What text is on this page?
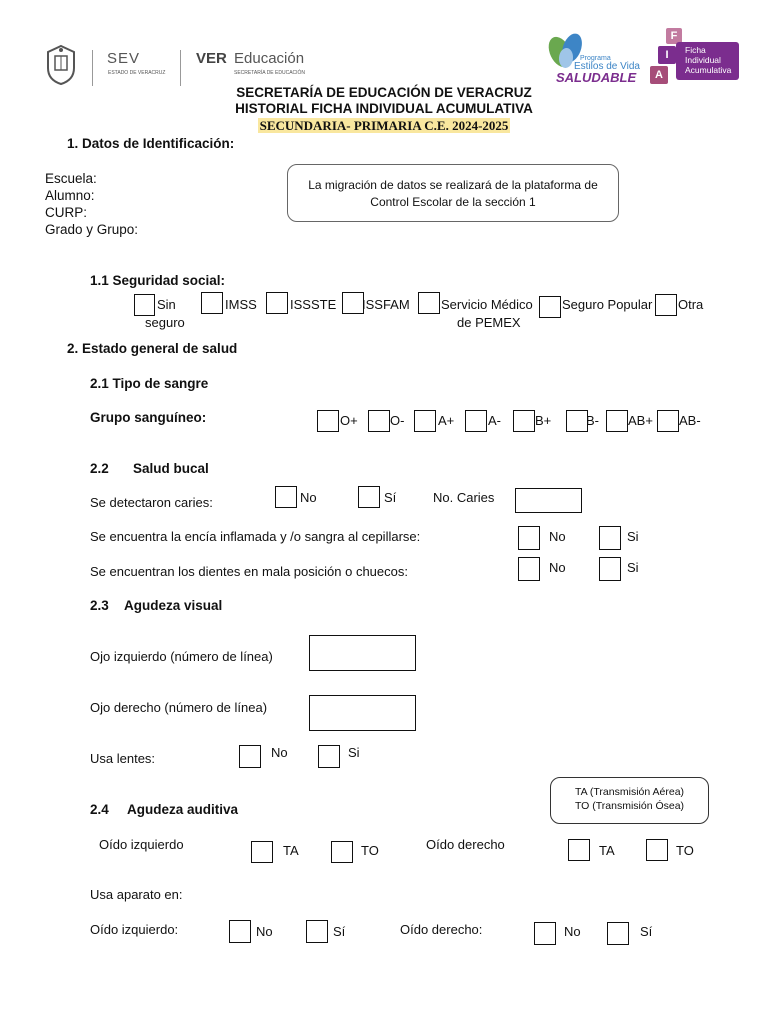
SEV
ESTADO DE VERACRUZ
VER Educación
SECRETARÍA DE EDUCACIÓN
Programa
Estilos de Vida
SALUDABLE
F
I
A
Ficha
Individual
Acumulativa
SECRETARÍA DE EDUCACIÓN DE VERACRUZ
HISTORIAL FICHA INDIVIDUAL ACUMULATIVA
SECUNDARIA- PRIMARIA C.E. 2024-2025
1. Datos de Identificación:
Escuela:
Alumno:
CURP:
Grado y Grupo:
La migración de datos se realizará de la plataforma de
Control Escolar de la sección 1
1.1 Seguridad social:
Sin
seguro
IMSS	ISSSTE ISSFAM Servicio Médico
de PEMEX
Seguro Popular Otra
2. Estado general de salud
2.1 Tipo de sangre
Grupo sanguíneo:	O+ O-	A+	A-	B+	B- AB+ AB-
2.2 Salud bucal
Se detectaron caries:	No	Sí	No. Caries
Se encuentra la encía inflamada y /o sangra al cepillarse:	No	Si
Se encuentran los dientes en mala posición o chuecos:	No	Si
2.3 Agudeza visual
Ojo izquierdo (número de línea)
Ojo derecho (número de línea)
Usa lentes:	No	Si
TA (Transmisión Aérea)
TO (Transmisión Ósea)
2.4 Agudeza auditiva
Oído izquierdo	TA	TO	Oído derecho	TA	TO
Usa aparato en:
Oído izquierdo:	No	Sí	Oído derecho:	No	Sí
